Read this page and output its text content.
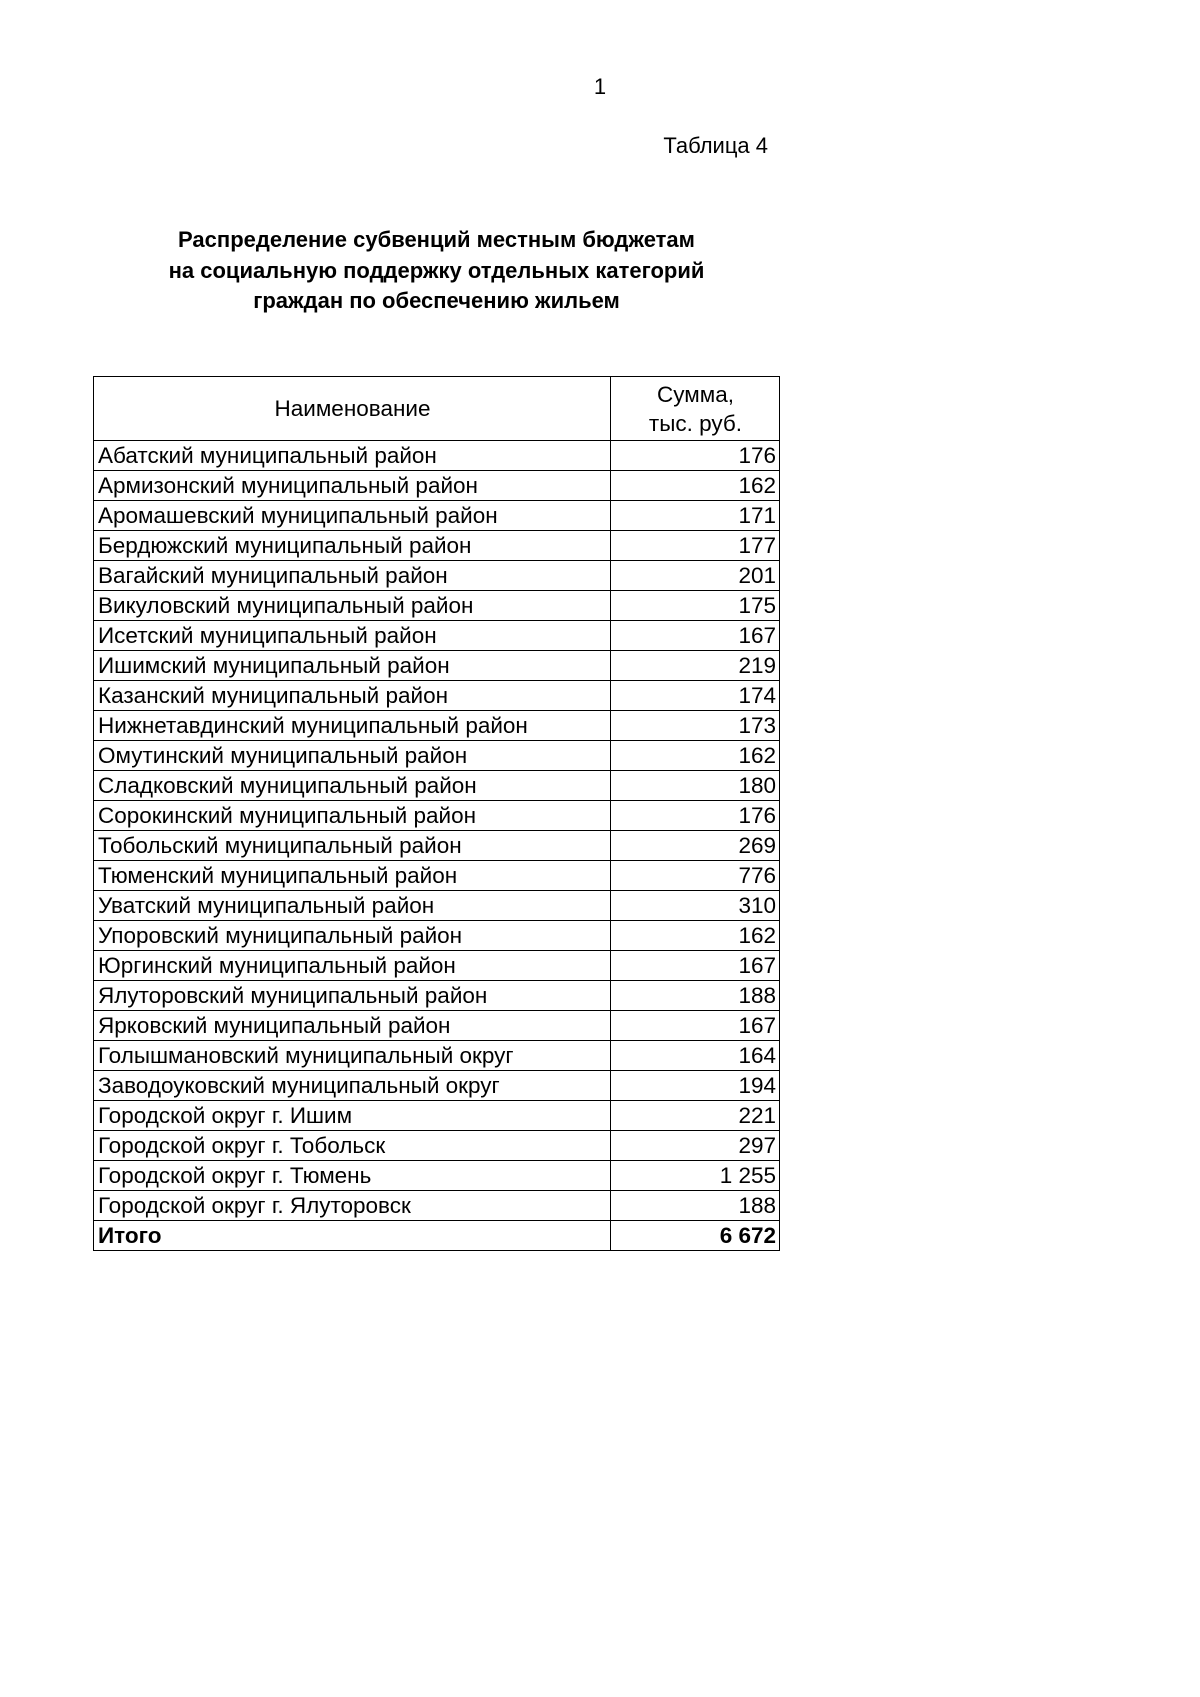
1
Таблица 4
Распределение субвенций местным бюджетам
на социальную поддержку отдельных категорий
граждан по обеспечению жильем
Наименование	Сумма,
тыс. руб.

Абатский муниципальный район	176
Армизонский муниципальный район	162
Аромашевский муниципальный район	171
Бердюжский муниципальный район	177
Вагайский муниципальный район	201
Викуловский муниципальный район	175
Исетский муниципальный район	167
Ишимский муниципальный район	219
Казанский муниципальный район	174
Нижнетавдинский муниципальный район	173
Омутинский муниципальный район	162
Сладковский муниципальный район	180
Сорокинский муниципальный район	176
Тобольский муниципальный район	269
Тюменский муниципальный район	776
Уватский муниципальный район	310
Упоровский муниципальный район	162
Юргинский муниципальный район	167
Ялуторовский муниципальный район	188
Ярковский муниципальный район	167
Голышмановский муниципальный округ	164
Заводоуковский муниципальный округ	194
Городской округ г. Ишим	221
Городской округ г. Тобольск	297
Городской округ г. Тюмень	1 255
Городской округ г. Ялуторовск	188
Итого	6 672
